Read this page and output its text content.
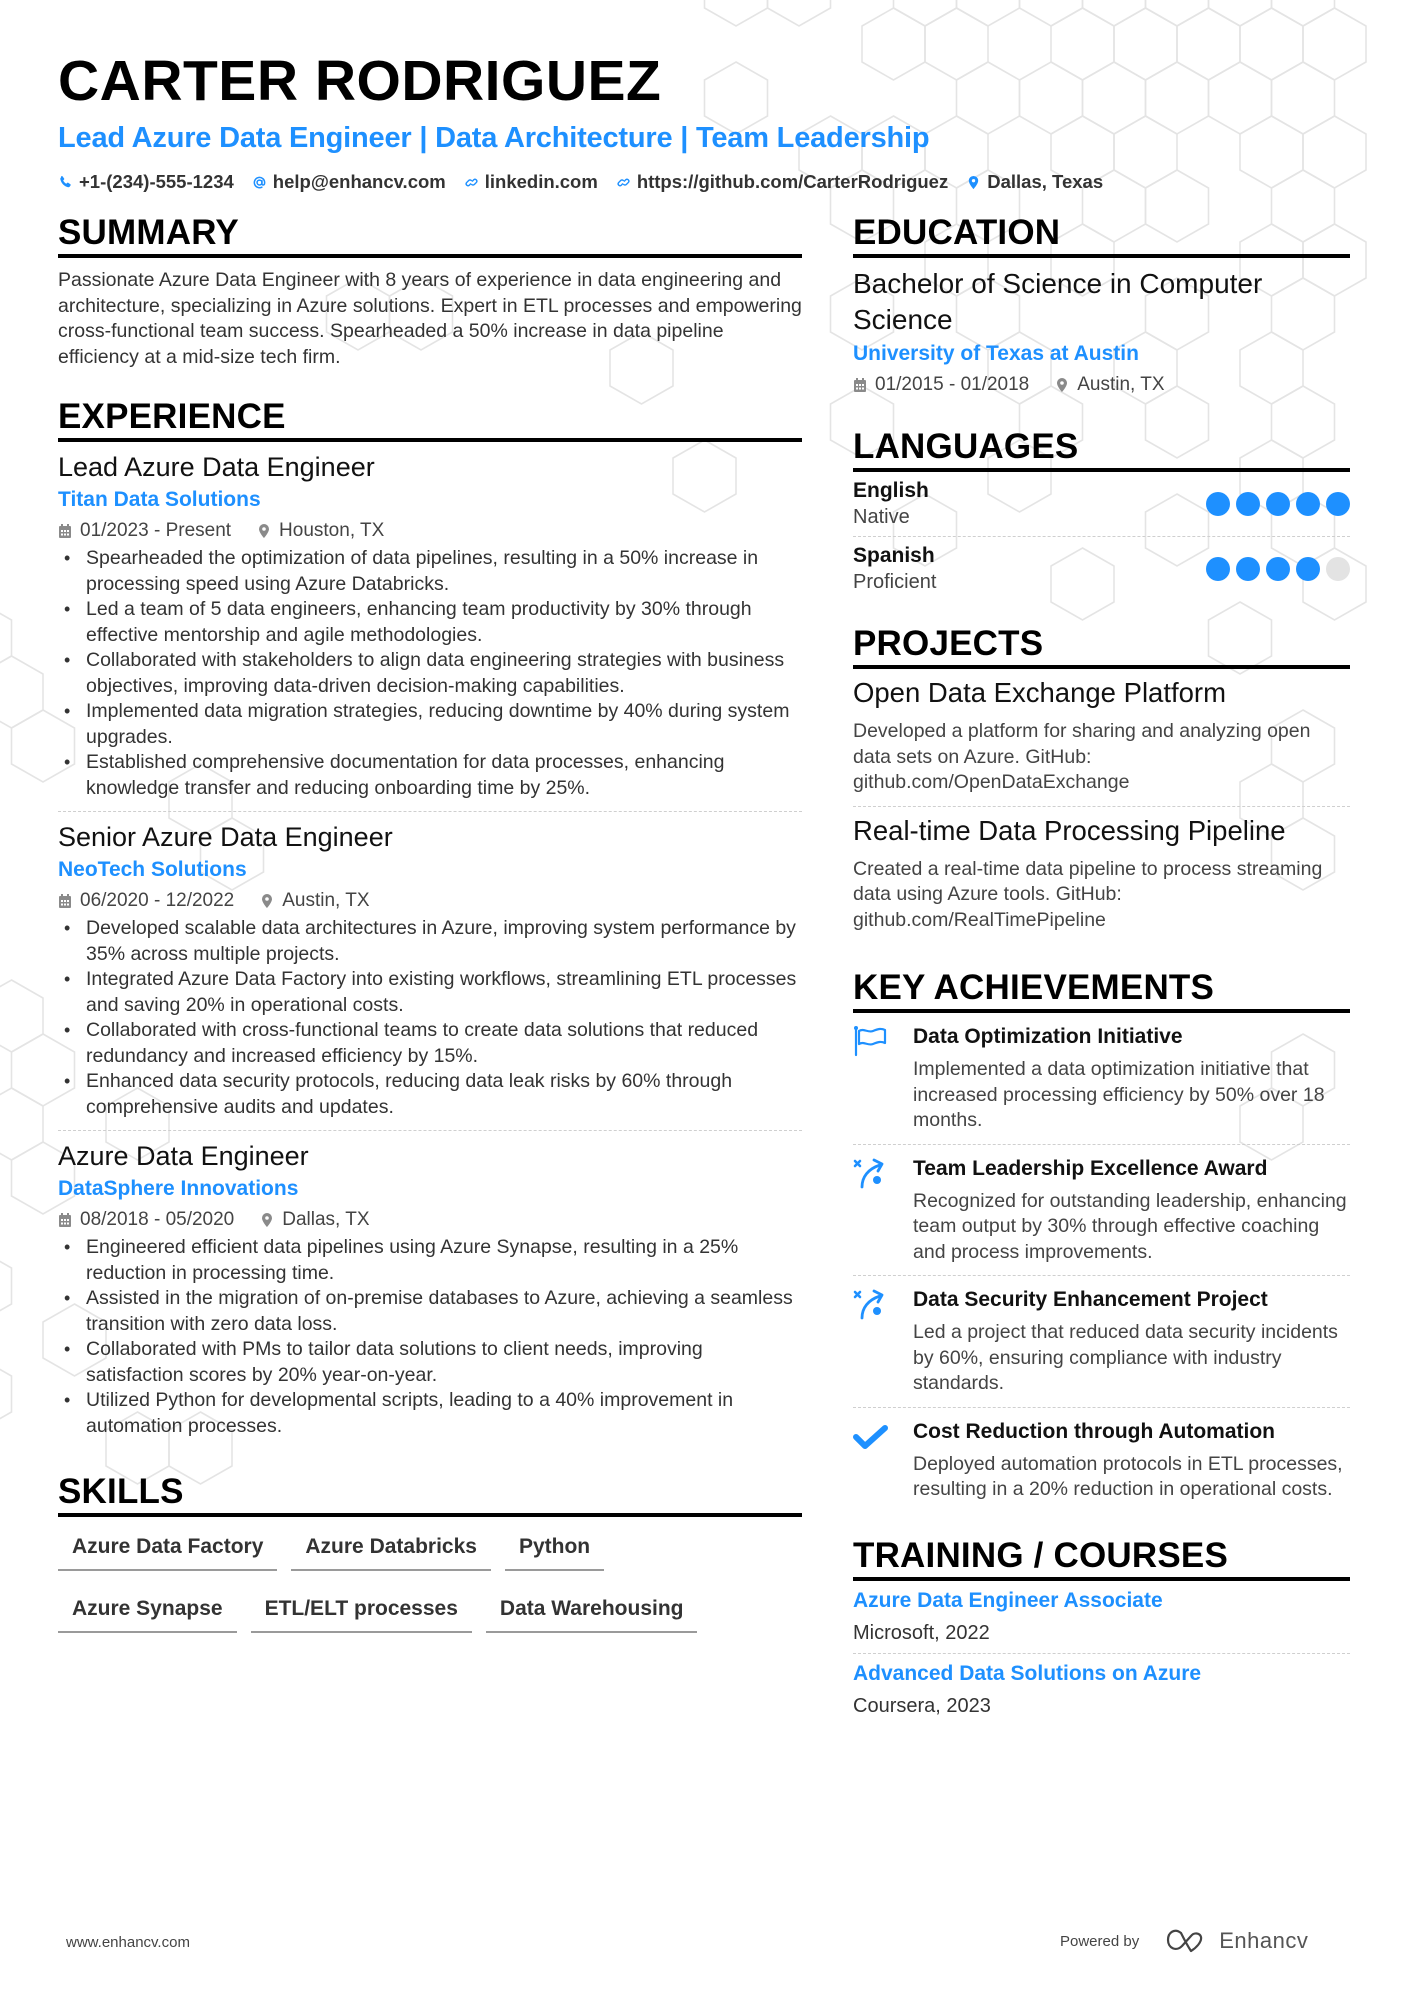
CARTER RODRIGUEZ
Lead Azure Data Engineer | Data Architecture | Team Leadership
+1-(234)-555-1234 help@enhancv.com linkedin.com https://github.com/CarterRodriguez Dallas, Texas
SUMMARY
Passionate Azure Data Engineer with 8 years of experience in data engineering and architecture, specializing in Azure solutions. Expert in ETL processes and empowering cross-functional team success. Spearheaded a 50% increase in data pipeline efficiency at a mid-size tech firm.
EXPERIENCE
Lead Azure Data Engineer
Titan Data Solutions
01/2023 - Present	Houston, TX
• Spearheaded the optimization of data pipelines, resulting in a 50% increase in processing speed using Azure Databricks.
• Led a team of 5 data engineers, enhancing team productivity by 30% through effective mentorship and agile methodologies.
• Collaborated with stakeholders to align data engineering strategies with business objectives, improving data-driven decision-making capabilities.
• Implemented data migration strategies, reducing downtime by 40% during system upgrades.
• Established comprehensive documentation for data processes, enhancing knowledge transfer and reducing onboarding time by 25%.
Senior Azure Data Engineer
NeoTech Solutions
06/2020 - 12/2022	Austin, TX
• Developed scalable data architectures in Azure, improving system performance by 35% across multiple projects.
• Integrated Azure Data Factory into existing workflows, streamlining ETL processes and saving 20% in operational costs.
• Collaborated with cross-functional teams to create data solutions that reduced redundancy and increased efficiency by 15%.
• Enhanced data security protocols, reducing data leak risks by 60% through comprehensive audits and updates.
Azure Data Engineer
DataSphere Innovations
08/2018 - 05/2020	Dallas, TX
• Engineered efficient data pipelines using Azure Synapse, resulting in a 25% reduction in processing time.
• Assisted in the migration of on-premise databases to Azure, achieving a seamless transition with zero data loss.
• Collaborated with PMs to tailor data solutions to client needs, improving satisfaction scores by 20% year-on-year.
• Utilized Python for developmental scripts, leading to a 40% improvement in automation processes.
SKILLS
Azure Data Factory	Azure Databricks	Python
Azure Synapse	ETL/ELT processes	Data Warehousing
EDUCATION
Bachelor of Science in Computer Science
University of Texas at Austin
01/2015 - 01/2018	Austin, TX
LANGUAGES
English
Native
Spanish
Proficient
PROJECTS
Open Data Exchange Platform
Developed a platform for sharing and analyzing open data sets on Azure. GitHub: github.com/OpenDataExchange
Real-time Data Processing Pipeline
Created a real-time data pipeline to process streaming data using Azure tools. GitHub: github.com/RealTimePipeline
KEY ACHIEVEMENTS
Data Optimization Initiative
Implemented a data optimization initiative that increased processing efficiency by 50% over 18 months.
Team Leadership Excellence Award
Recognized for outstanding leadership, enhancing team output by 30% through effective coaching and process improvements.
Data Security Enhancement Project
Led a project that reduced data security incidents by 60%, ensuring compliance with industry standards.
Cost Reduction through Automation
Deployed automation protocols in ETL processes, resulting in a 20% reduction in operational costs.
TRAINING / COURSES
Azure Data Engineer Associate
Microsoft, 2022
Advanced Data Solutions on Azure
Coursera, 2023
www.enhancv.com	Powered by	Enhancv
